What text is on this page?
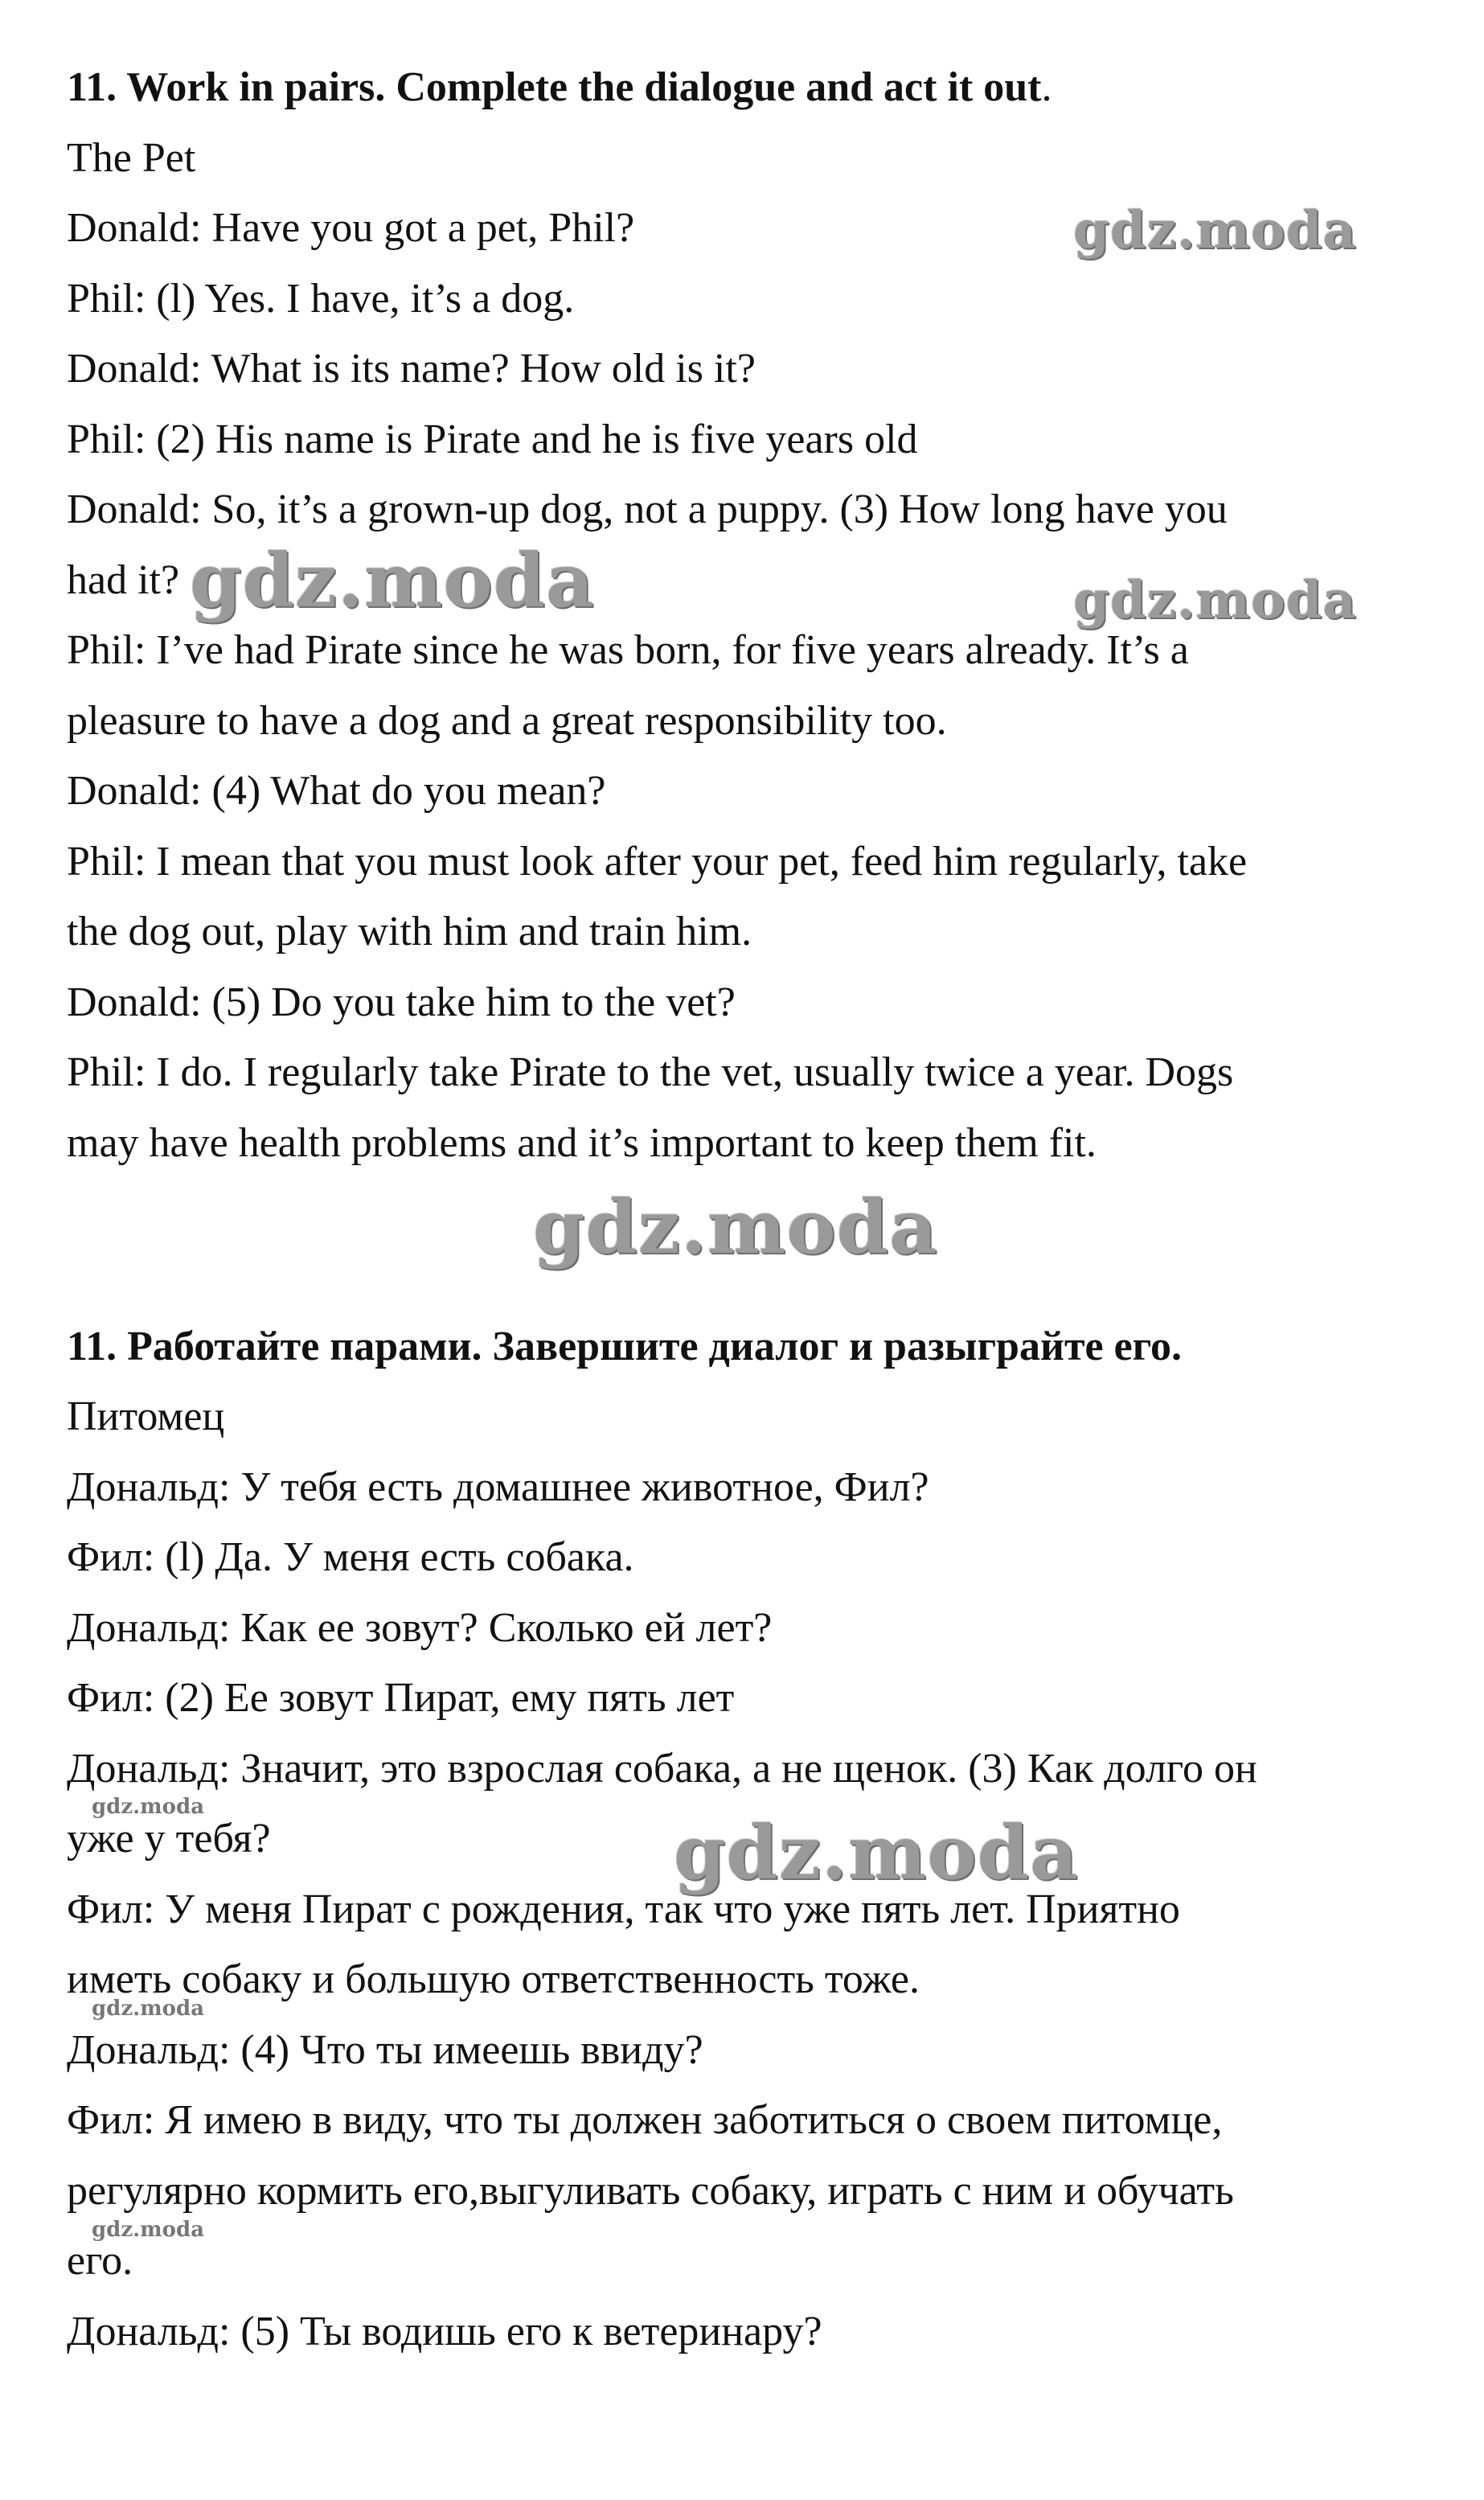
11. Work in pairs. Complete the dialogue and act it out.
The Pet
Donald: Have you got a pet, Phil?
Phil: (l) Yes. I have, it’s a dog.
Donald: What is its name? How old is it?
Phil: (2) His name is Pirate and he is five years old
Donald: So, it’s a grown-up dog, not a puppy. (3) How long have you
had it?
Phil: I’ve had Pirate since he was born, for five years already. It’s a
pleasure to have a dog and a great responsibility too.
Donald: (4) What do you mean?
Phil: I mean that you must look after your pet, feed him regularly, take
the dog out, play with him and train him.
Donald: (5) Do you take him to the vet?
Phil: I do. I regularly take Pirate to the vet, usually twice a year. Dogs
may have health problems and it’s important to keep them fit.
11. Работайте парами. Завершите диалог и разыграйте его.
Питомец
Дональд: У тебя есть домашнее животное, Фил?
Фил: (l) Да. У меня есть собака.
Дональд: Как ее зовут? Сколько ей лет?
Фил: (2) Ее зовут Пират, ему пять лет
Дональд: Значит, это взрослая собака, а не щенок. (3) Как долго он
уже у тебя?
Фил: У меня Пират с рождения, так что уже пять лет. Приятно
иметь собаку и большую ответственность тоже.
Дональд: (4) Что ты имеешь ввиду?
Фил: Я имею в виду, что ты должен заботиться о своем питомце,
регулярно кормить его,выгуливать собаку, играть с ним и обучать
его.
Дональд: (5) Ты водишь его к ветеринару?
gdz.moda
gdz.moda	gdz.moda
gdz.moda
gdz.moda
gdz.moda
gdz.moda
gdz.moda
